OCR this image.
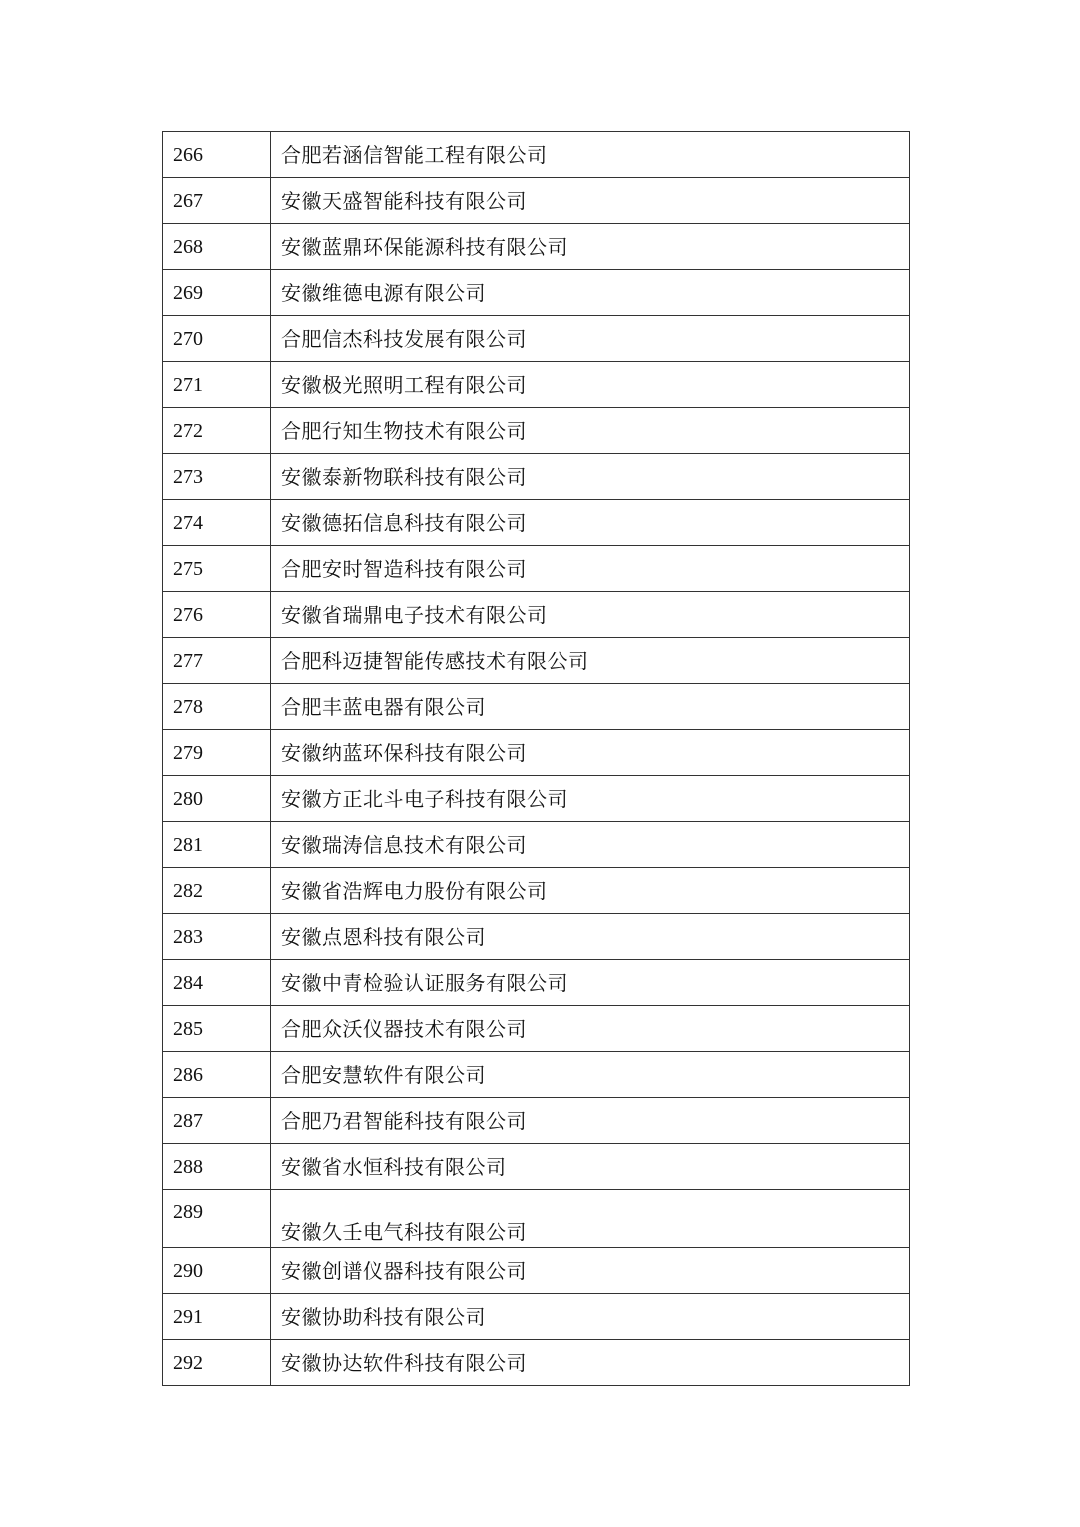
266	合肥若涵信智能工程有限公司
267	安徽天盛智能科技有限公司
268	安徽蓝鼎环保能源科技有限公司
269	安徽维德电源有限公司
270	合肥信杰科技发展有限公司
271	安徽极光照明工程有限公司
272	合肥行知生物技术有限公司
273	安徽泰新物联科技有限公司
274	安徽德拓信息科技有限公司
275	合肥安时智造科技有限公司
276	安徽省瑞鼎电子技术有限公司
277	合肥科迈捷智能传感技术有限公司
278	合肥丰蓝电器有限公司
279	安徽纳蓝环保科技有限公司
280	安徽方正北斗电子科技有限公司
281	安徽瑞涛信息技术有限公司
282	安徽省浩辉电力股份有限公司
283	安徽点恩科技有限公司
284	安徽中青检验认证服务有限公司
285	合肥众沃仪器技术有限公司
286	合肥安慧软件有限公司
287	合肥乃君智能科技有限公司
288	安徽省水恒科技有限公司
289	安徽久壬电气科技有限公司
290	安徽创谱仪器科技有限公司
291	安徽协助科技有限公司
292	安徽协达软件科技有限公司
